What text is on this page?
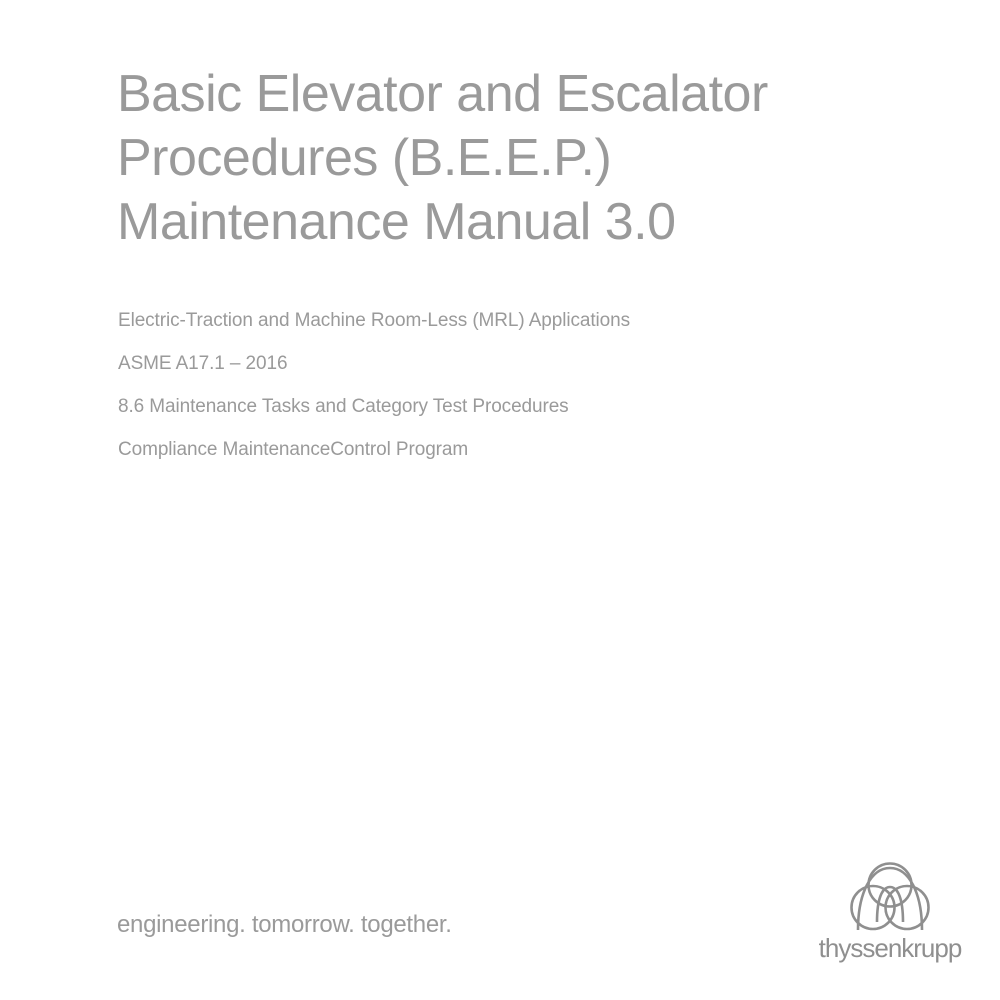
Basic Elevator and Escalator
Procedures (B.E.E.P.)
Maintenance Manual 3.0
Electric-Traction and Machine Room-Less (MRL) Applications
ASME A17.1 – 2016
8.6 Maintenance Tasks and Category Test Procedures
Compliance MaintenanceControl Program
engineering. tomorrow. together.
thyssenkrupp
